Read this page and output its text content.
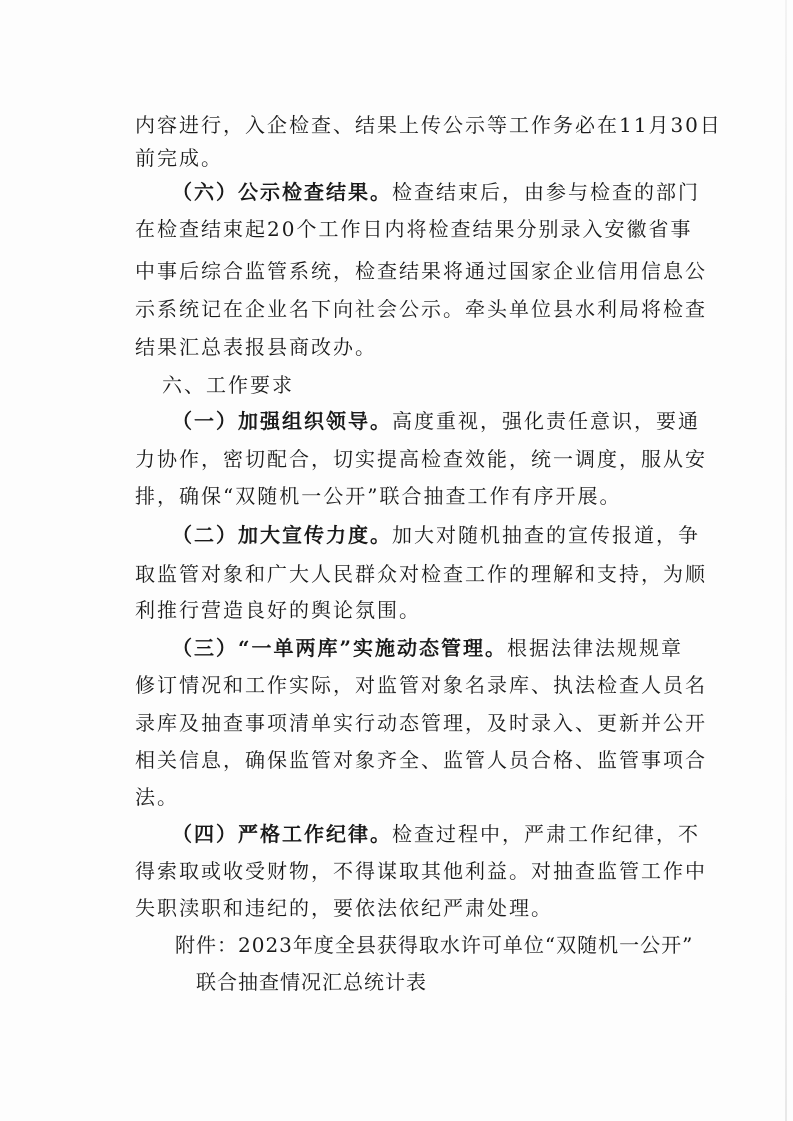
内容进行，入企检查、结果上传公示等工作务必在11月30日
前完成。
（六）公示检查结果。检查结束后，由参与检查的部门
在检查结束起20个工作日内将检查结果分别录入安徽省事
中事后综合监管系统，检查结果将通过国家企业信用信息公
示系统记在企业名下向社会公示。牵头单位县水利局将检查
结果汇总表报县商改办。
六、工作要求
（一）加强组织领导。高度重视，强化责任意识，要通
力协作，密切配合，切实提高检查效能，统一调度，服从安
排，确保“双随机一公开”联合抽查工作有序开展。
（二）加大宣传力度。加大对随机抽查的宣传报道，争
取监管对象和广大人民群众对检查工作的理解和支持，为顺
利推行营造良好的舆论氛围。
（三）“一单两库”实施动态管理。根据法律法规规章
修订情况和工作实际，对监管对象名录库、执法检查人员名
录库及抽查事项清单实行动态管理，及时录入、更新并公开
相关信息，确保监管对象齐全、监管人员合格、监管事项合
法。
（四）严格工作纪律。检查过程中，严肃工作纪律，不
得索取或收受财物，不得谋取其他利益。对抽查监管工作中
失职渎职和违纪的，要依法依纪严肃处理。
附件：2023年度全县获得取水许可单位“双随机一公开”
联合抽查情况汇总统计表
